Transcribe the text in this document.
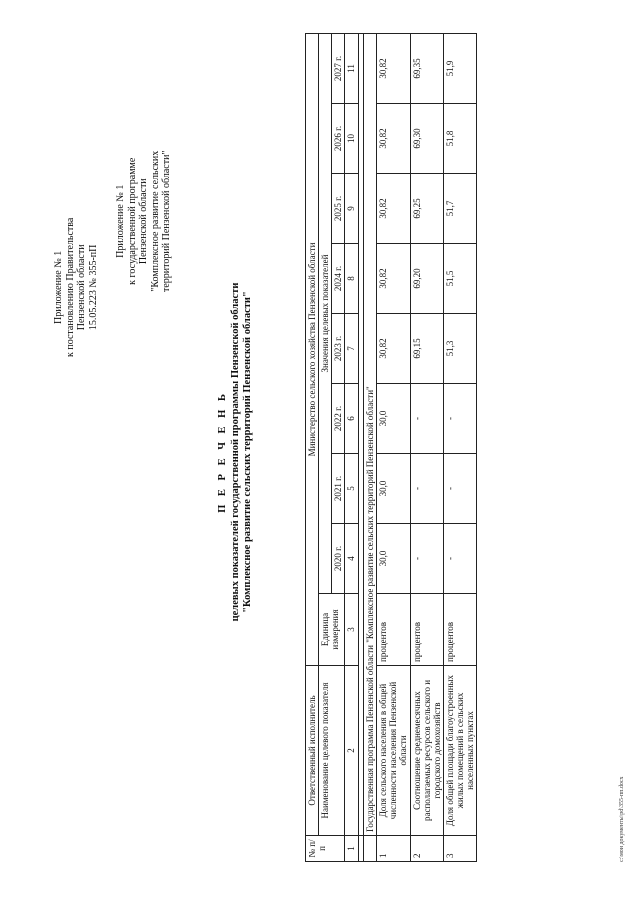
Приложение № 1 к постановлению Правительства Пензенской области 15.05.223 № 355-пП
Приложение № 1 к государственной программе Пензенской области "Комплексное развитие сельских территорий Пензенской области"
П Е Р Е Ч Е Н Ь целевых показателей государственной программы Пензенской области "Комплексное развитие сельских территорий Пензенской области"
№ п/п	Ответственный исполнитель	Министерство сельского хозяйства Пензенской области								
	Наименование целевого показателя	Единица измерения	Значения целевых показателей							
			2020 г.	2021 г.	2022 г.	2023 г.	2024 г.	2025 г.	2026 г.	2027 г.
1	2	3	4	5	6	7	8	9	10	11

	Государственная программа Пензенской области "Комплексное развитие сельских территорий Пензенской области"									
1	Доля сельского населения в общей численности населения Пензенской области	процентов	30,0	30,0	30,0	30,82	30,82	30,82	30,82	30,82
2	Соотношение среднемесячных располагаемых ресурсов сельского и городского домохозяйств	процентов	-	-	-	69,15	69,20	69,25	69,30	69,35
3	Доля общей площади благоустроенных жилых помещений в сельских населенных пунктах	процентов	-	-	-	51,3	51,5	51,7	51,8	51,9
c:\мои документы\pd\355-пп.docx
